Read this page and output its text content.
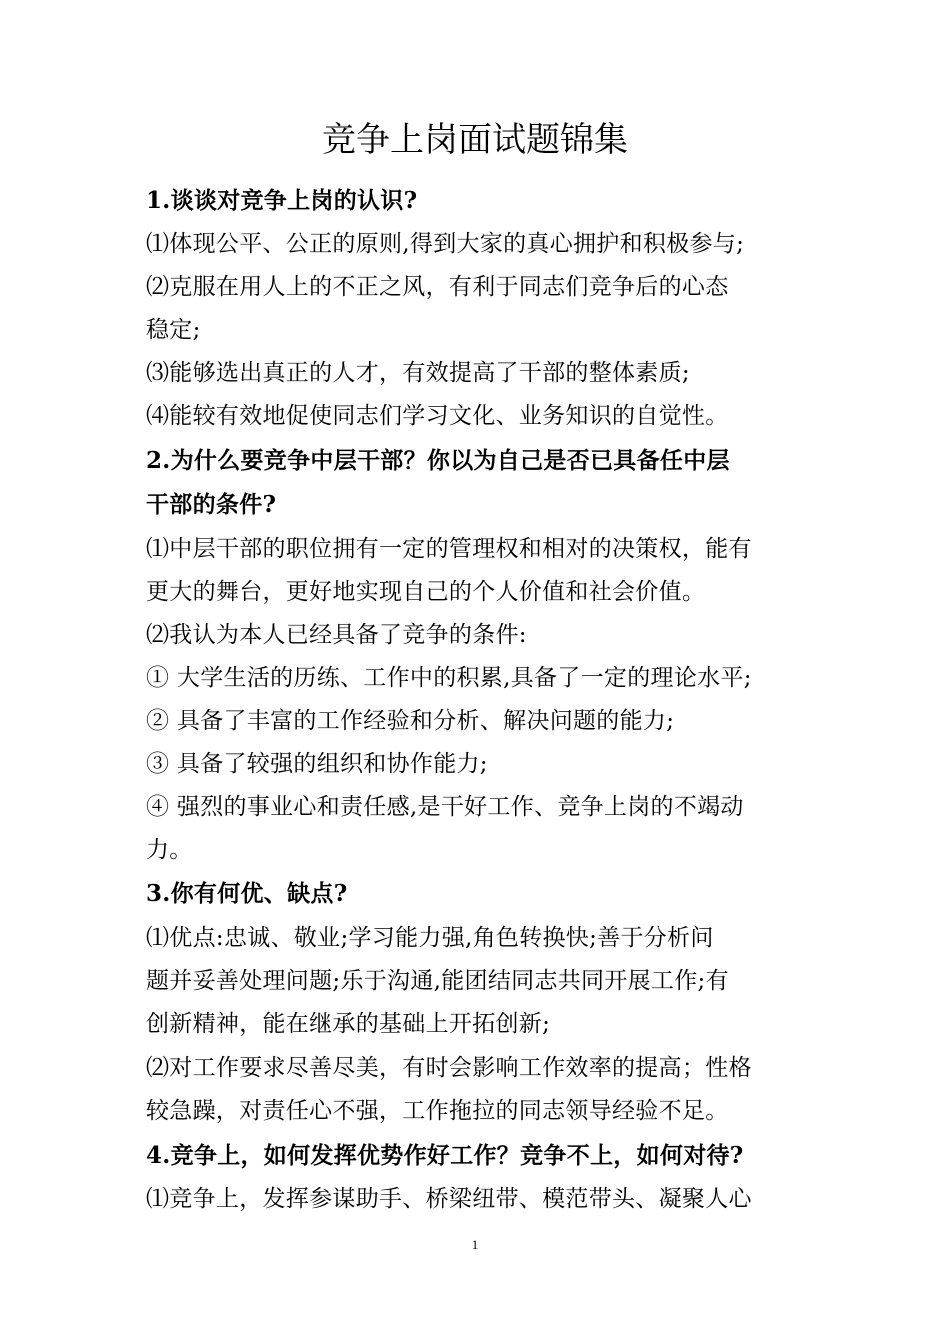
竞争上岗面试题锦集
1.谈谈对竞争上岗的认识?
⑴体现公平、公正的原则,得到大家的真心拥护和积极参与;
⑵克服在用人上的不正之风，有利于同志们竞争后的心态
稳定;
⑶能够选出真正的人才，有效提高了干部的整体素质;
⑷能较有效地促使同志们学习文化、业务知识的自觉性。
2.为什么要竞争中层干部？你以为自己是否已具备任中层
干部的条件?
⑴中层干部的职位拥有一定的管理权和相对的决策权，能有
更大的舞台，更好地实现自己的个人价值和社会价值。
⑵我认为本人已经具备了竞争的条件:
① 大学生活的历练、工作中的积累,具备了一定的理论水平;
② 具备了丰富的工作经验和分析、解决问题的能力;
③ 具备了较强的组织和协作能力;
④ 强烈的事业心和责任感,是干好工作、竞争上岗的不竭动
力。
3.你有何优、缺点?
⑴优点:忠诚、敬业;学习能力强,角色转换快;善于分析问
题并妥善处理问题;乐于沟通,能团结同志共同开展工作;有
创新精神，能在继承的基础上开拓创新;
⑵对工作要求尽善尽美，有时会影响工作效率的提高；性格
较急躁，对责任心不强，工作拖拉的同志领导经验不足。
4.竞争上，如何发挥优势作好工作？竞争不上，如何对待?
⑴竞争上，发挥参谋助手、桥梁纽带、模范带头、凝聚人心
1
